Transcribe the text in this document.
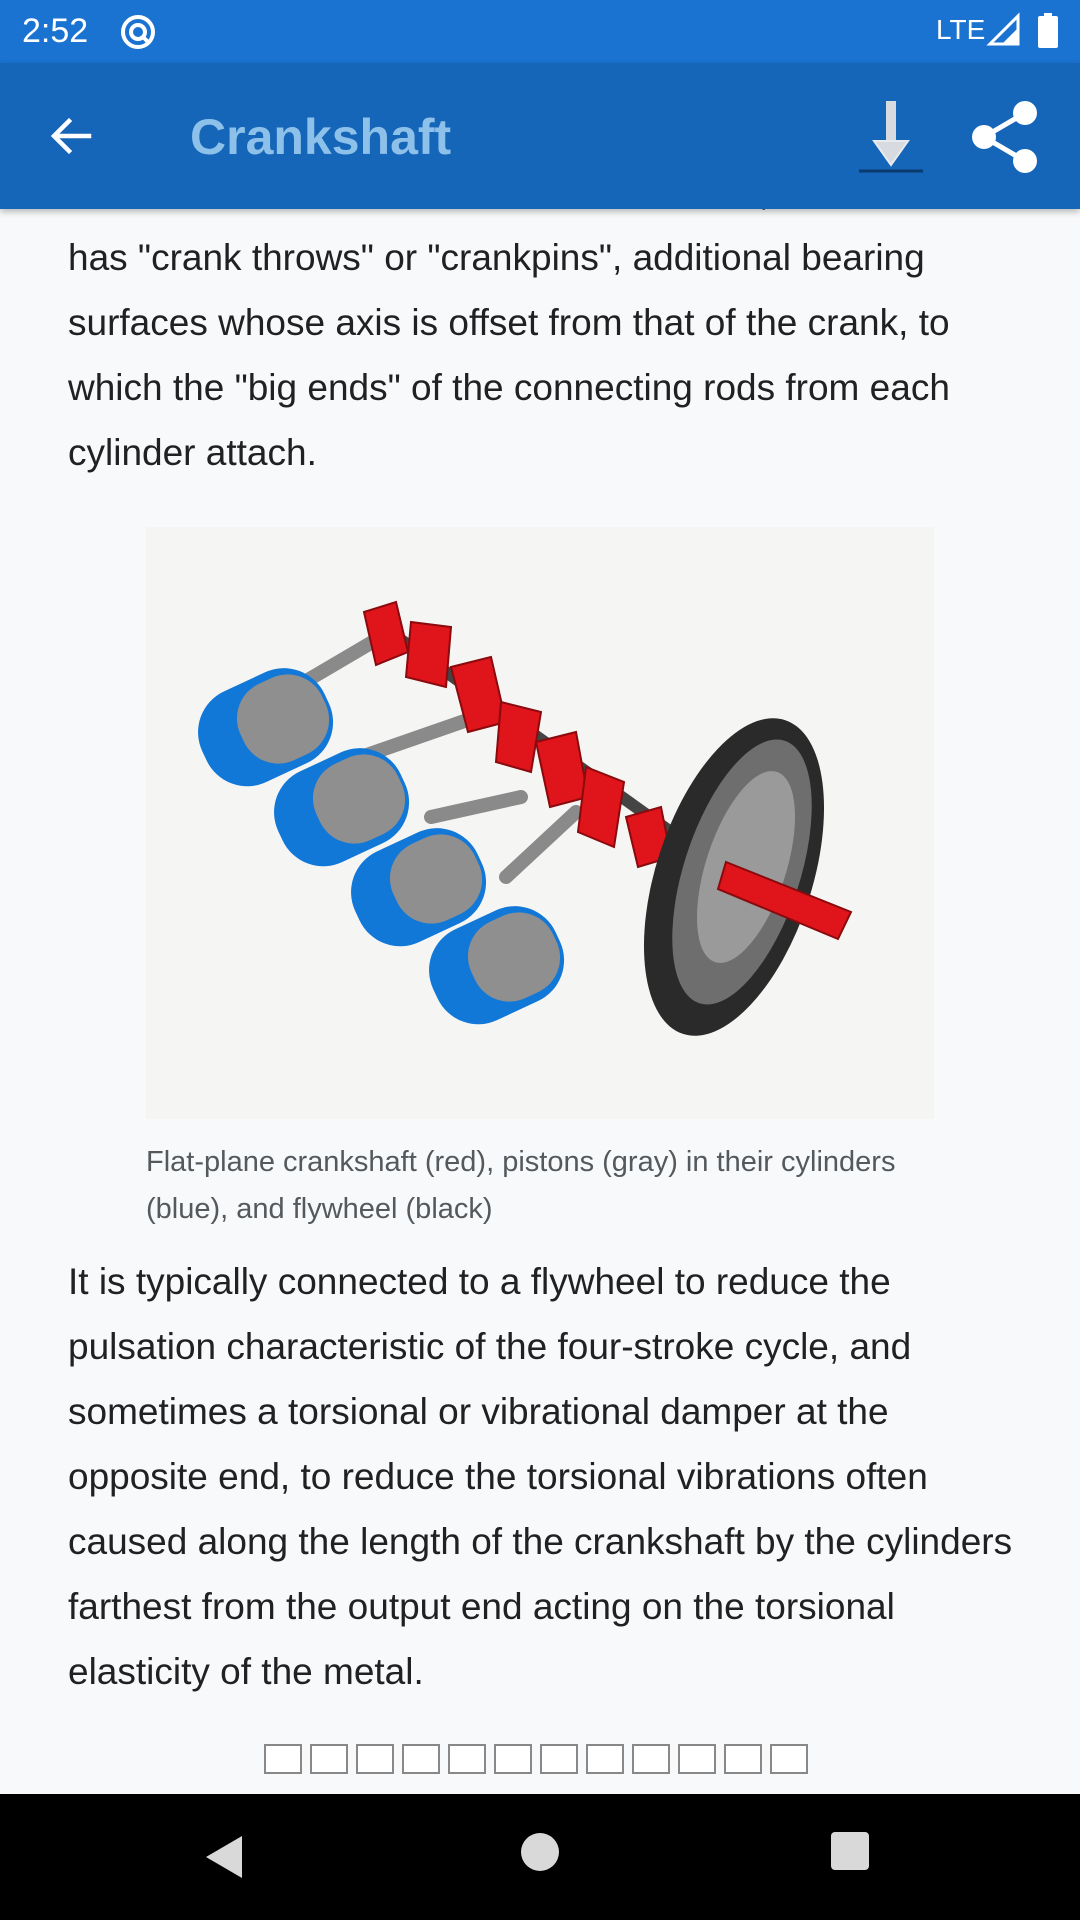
2:52	LTE
Crankshaft

has "crank throws" or "crankpins", additional bearing surfaces whose axis is offset from that of the crank, to which the "big ends" of the connecting rods from each cylinder attach.

Flat-plane crankshaft (red), pistons (gray) in their cylinders (blue), and flywheel (black)

It is typically connected to a flywheel to reduce the pulsation characteristic of the four-stroke cycle, and sometimes a torsional or vibrational damper at the opposite end, to reduce the torsional vibrations often caused along the length of the crankshaft by the cylinders farthest from the output end acting on the torsional elasticity of the metal.
